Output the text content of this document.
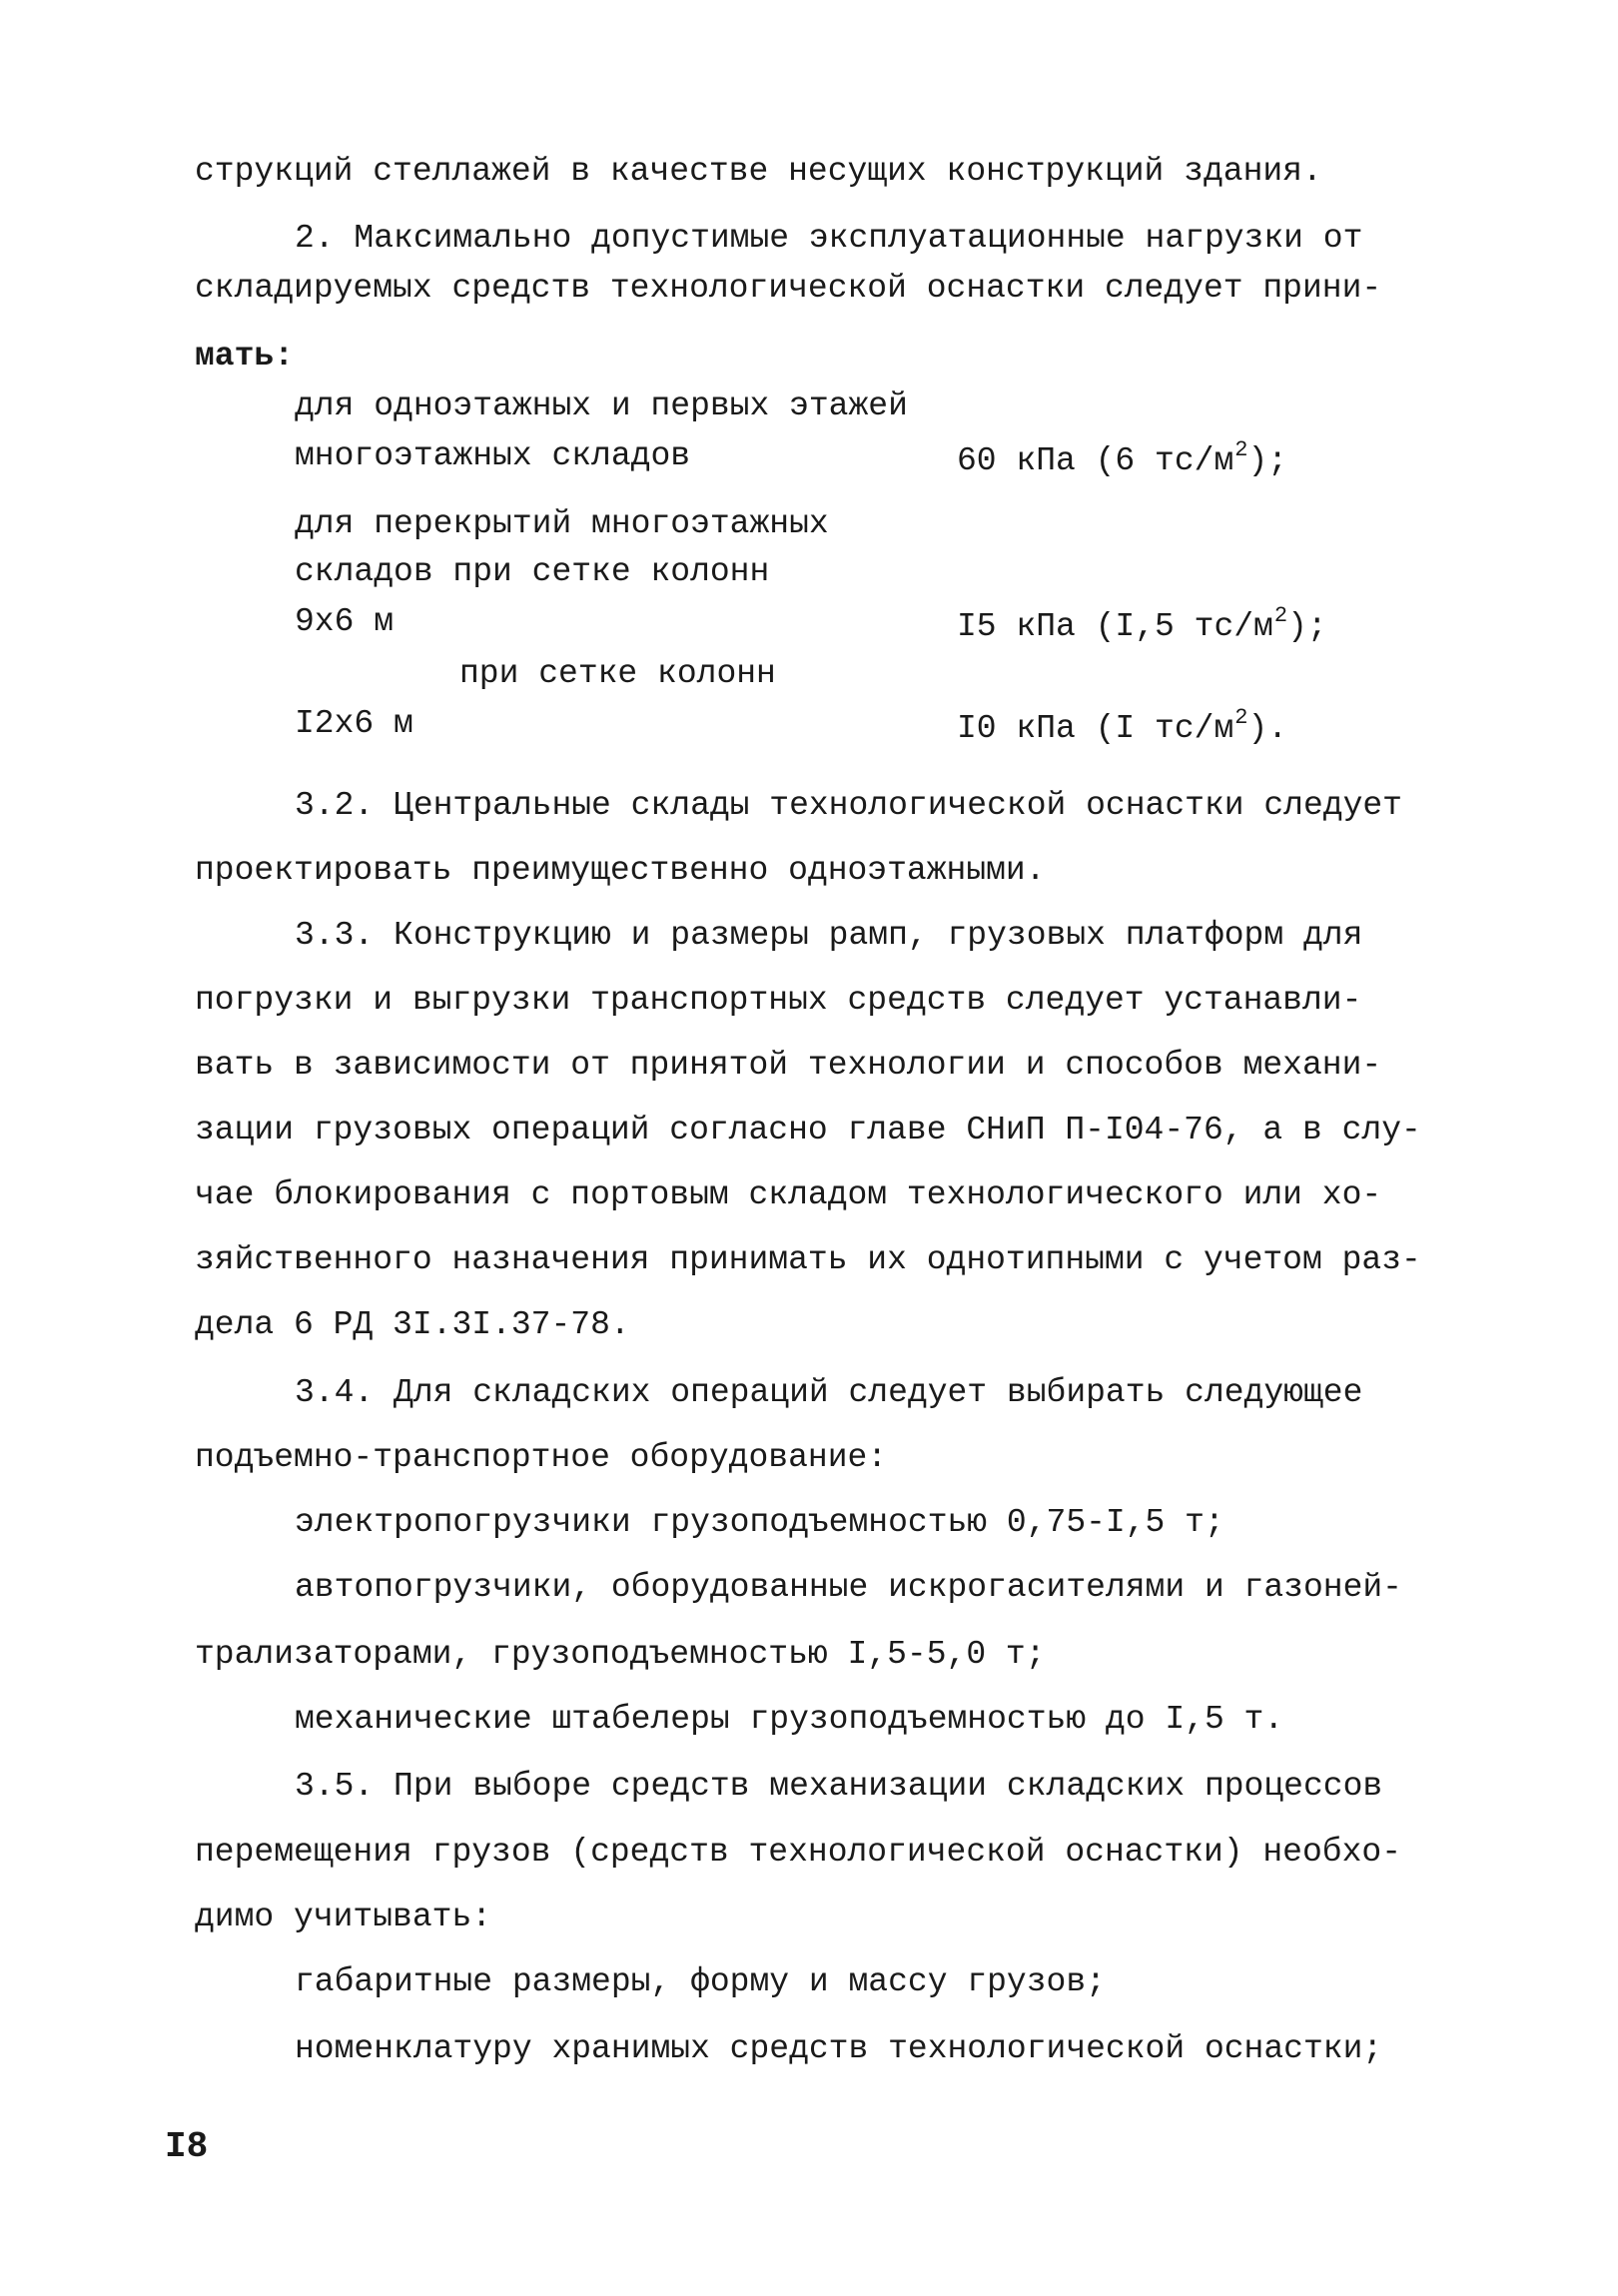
струкций стеллажей в качестве несущих конструкций здания.
2. Максимально допустимые эксплуатационные нагрузки от
складируемых средств технологической оснастки следует прини-
мать:
для одноэтажных и первых этажей
многоэтажных складов	60 кПа (6 $тс/м^2$);
для перекрытий многоэтажных
складов при сетке колонн
9х6 м	I5 кПа (I,5 $тс/м^2$);
при сетке колонн
I2х6 м	I0 кПа (I $тс/м^2$).
3.2. Центральные склады технологической оснастки следует
проектировать преимущественно одноэтажными.
3.3. Конструкцию и размеры рамп, грузовых платформ для
погрузки и выгрузки транспортных средств следует устанавли-
вать в зависимости от принятой технологии и способов механи-
зации грузовых операций согласно главе СНиП П-I04-76, а в слу-
чае блокирования с портовым складом технологического или хо-
зяйственного назначения принимать их однотипными с учетом раз-
дела 6 РД 3I.3I.37-78.
3.4. Для складских операций следует выбирать следующее
подъемно-транспортное оборудование:
электропогрузчики грузоподъемностью 0,75-I,5 т;
автопогрузчики, оборудованные искрогасителями и газоней-
трализаторами, грузоподъемностью I,5-5,0 т;
механические штабелеры грузоподъемностью до I,5 т.
3.5. При выборе средств механизации складских процессов
перемещения грузов (средств технологической оснастки) необхо-
димо учитывать:
габаритные размеры, форму и массу грузов;
номенклатуру хранимых средств технологической оснастки;
I8
